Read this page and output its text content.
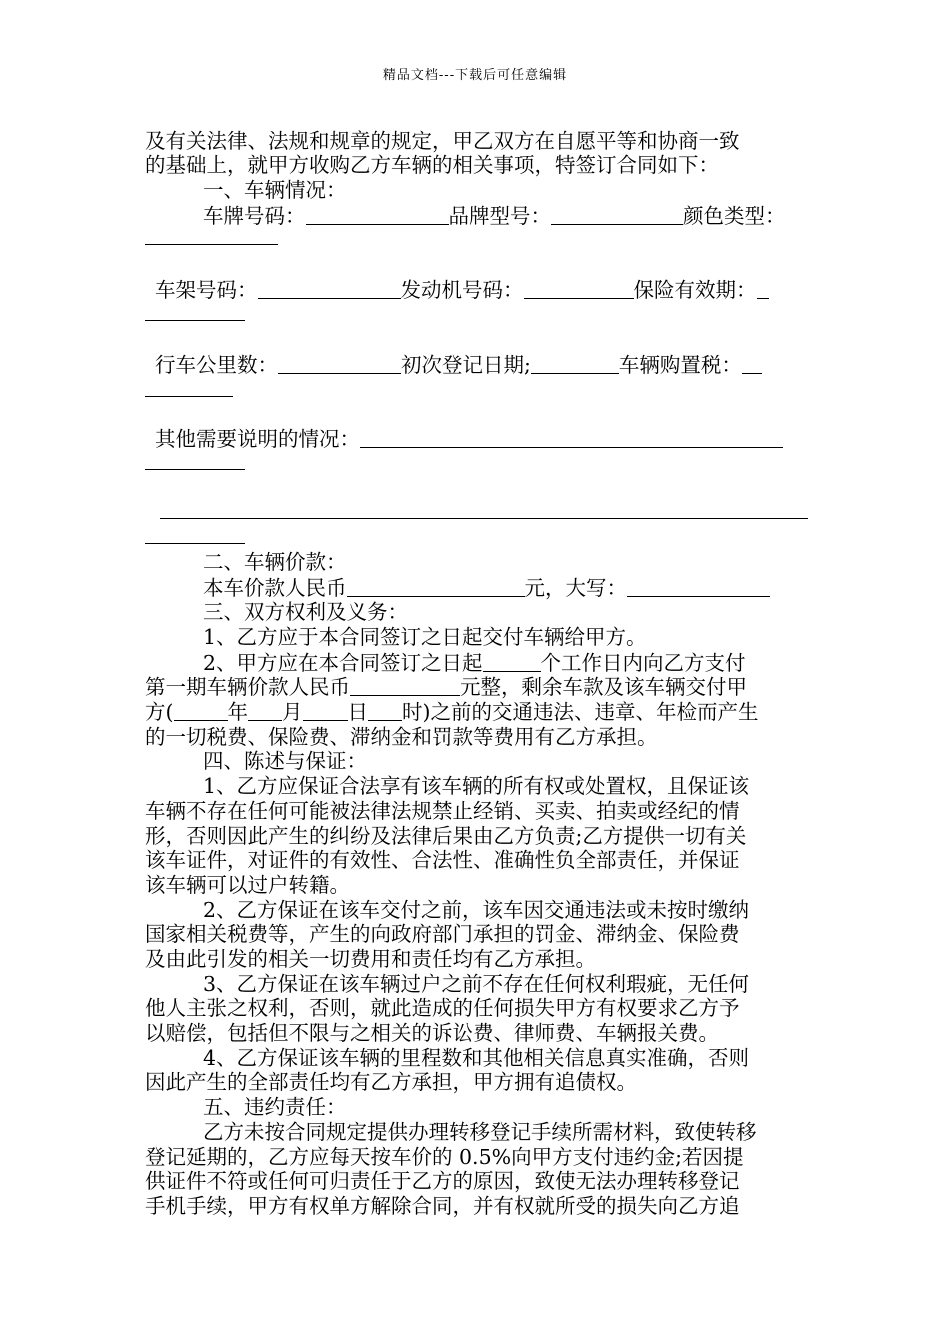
精品文档---下载后可任意编辑

及有关法律、法规和规章的规定，甲乙双方在自愿平等和协商一致

的基础上，就甲方收购乙方车辆的相关事项，特签订合同如下：

一、车辆情况：

车牌号码：	品牌型号：	颜色类型：

车架号码：	发动机号码：	保险有效期：

行车公里数：	初次登记日期;	车辆购置税：

其他需要说明的情况：

二、车辆价款：

本车价款人民币	元，大写：

三、双方权利及义务：

1、乙方应于本合同签订之日起交付车辆给甲方。

2、甲方应在本合同签订之日起	个工作日内向乙方支付

第一期车辆价款人民币	元整，剩余车款及该车辆交付甲

方(	年 月 日 时)之前的交通违法、违章、年检而产生

的一切税费、保险费、滞纳金和罚款等费用有乙方承担。

四、陈述与保证：

1、乙方应保证合法享有该车辆的所有权或处置权，且保证该

车辆不存在任何可能被法律法规禁止经销、买卖、拍卖或经纪的情

形，否则因此产生的纠纷及法律后果由乙方负责;乙方提供一切有关

该车证件，对证件的有效性、合法性、准确性负全部责任，并保证

该车辆可以过户转籍。

2、乙方保证在该车交付之前，该车因交通违法或未按时缴纳

国家相关税费等，产生的向政府部门承担的罚金、滞纳金、保险费

及由此引发的相关一切费用和责任均有乙方承担。

3、乙方保证在该车辆过户之前不存在任何权利瑕疵，无任何

他人主张之权利，否则，就此造成的任何损失甲方有权要求乙方予

以赔偿，包括但不限与之相关的诉讼费、律师费、车辆报关费。

4、乙方保证该车辆的里程数和其他相关信息真实准确，否则

因此产生的全部责任均有乙方承担，甲方拥有追债权。

五、违约责任：

乙方未按合同规定提供办理转移登记手续所需材料，致使转移

登记延期的，乙方应每天按车价的 0.5%向甲方支付违约金;若因提

供证件不符或任何可归责任于乙方的原因，致使无法办理转移登记

手机手续，甲方有权单方解除合同，并有权就所受的损失向乙方追
